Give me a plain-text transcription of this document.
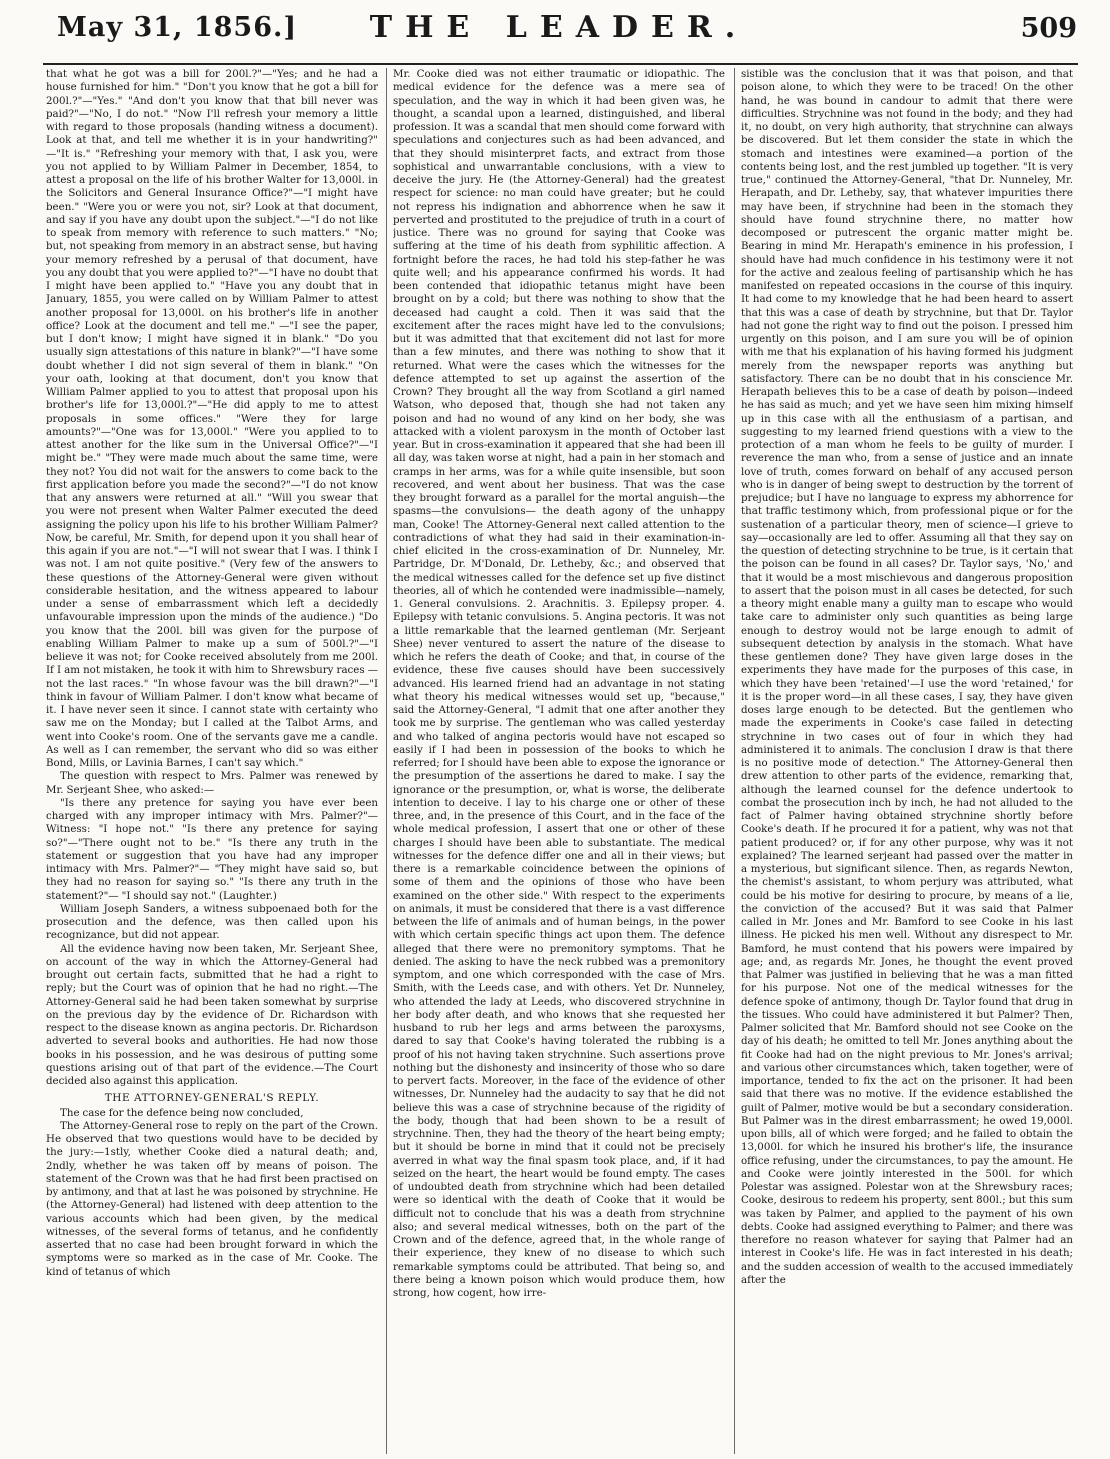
May 31, 1856.]	THE LEADER.	509

that what he got was a bill for 200l.?"—"Yes; and he had a house furnished for him." "Don't you know that he got a bill for 200l.?"—"Yes." "And don't you know that that bill never was paid?"—"No, I do not." "Now I'll refresh your memory a little with regard to those proposals (handing witness a document). Look at that, and tell me whether it is in your handwriting?" —"It is." "Refreshing your memory with that, I ask you, were you not applied to by William Palmer in December, 1854, to attest a proposal on the life of his brother Walter for 13,000l. in the Solicitors and General Insurance Office?"—"I might have been." "Were you or were you not, sir? Look at that document, and say if you have any doubt upon the subject."—"I do not like to speak from memory with reference to such matters." "No; but, not speaking from memory in an abstract sense, but having your memory refreshed by a perusal of that document, have you any doubt that you were applied to?"—"I have no doubt that I might have been applied to." "Have you any doubt that in January, 1855, you were called on by William Palmer to attest another proposal for 13,000l. on his brother's life in another office? Look at the document and tell me." —"I see the paper, but I don't know; I might have signed it in blank." "Do you usually sign attestations of this nature in blank?"—"I have some doubt whether I did not sign several of them in blank." "On your oath, looking at that document, don't you know that William Palmer applied to you to attest that proposal upon his brother's life for 13,000l.?"—"He did apply to me to attest proposals in some offices." "Were they for large amounts?"—"One was for 13,000l." "Were you applied to to attest another for the like sum in the Universal Office?"—"I might be." "They were made much about the same time, were they not? You did not wait for the answers to come back to the first application before you made the second?"—"I do not know that any answers were returned at all." "Will you swear that you were not present when Walter Palmer executed the deed assigning the policy upon his life to his brother William Palmer? Now, be careful, Mr. Smith, for depend upon it you shall hear of this again if you are not."—"I will not swear that I was. I think I was not. I am not quite positive." (Very few of the answers to these questions of the Attorney-General were given without considerable hesitation, and the witness appeared to labour under a sense of embarrassment which left a decidedly unfavourable impression upon the minds of the audience.) "Do you know that the 200l. bill was given for the purpose of enabling William Palmer to make up a sum of 500l.?"—"I believe it was not; for Cooke received absolutely from me 200l. If I am not mistaken, he took it with him to Shrewsbury races —not the last races." "In whose favour was the bill drawn?"—"I think in favour of William Palmer. I don't know what became of it. I have never seen it since. I cannot state with certainty who saw me on the Monday; but I called at the Talbot Arms, and went into Cooke's room. One of the servants gave me a candle. As well as I can remember, the servant who did so was either Bond, Mills, or Lavinia Barnes, I can't say which."

The question with respect to Mrs. Palmer was renewed by Mr. Serjeant Shee, who asked:—

"Is there any pretence for saying you have ever been charged with any improper intimacy with Mrs. Palmer?"—Witness: "I hope not." "Is there any pretence for saying so?"—"There ought not to be." "Is there any truth in the statement or suggestion that you have had any improper intimacy with Mrs. Palmer?"— "They might have said so, but they had no reason for saying so." "Is there any truth in the statement?"— "I should say not." (Laughter.)

William Joseph Sanders, a witness subpoenaed both for the prosecution and the defence, was then called upon his recognizance, but did not appear.

All the evidence having now been taken, Mr. Serjeant Shee, on account of the way in which the Attorney-General had brought out certain facts, submitted that he had a right to reply; but the Court was of opinion that he had no right.—The Attorney-General said he had been taken somewhat by surprise on the previous day by the evidence of Dr. Richardson with respect to the disease known as angina pectoris. Dr. Richardson adverted to several books and authorities. He had now those books in his possession, and he was desirous of putting some questions arising out of that part of the evidence.—The Court decided also against this application.

THE ATTORNEY-GENERAL'S REPLY.

The case for the defence being now concluded,

The Attorney-General rose to reply on the part of the Crown. He observed that two questions would have to be decided by the jury:—1stly, whether Cooke died a natural death; and, 2ndly, whether he was taken off by means of poison. The statement of the Crown was that he had first been practised on by antimony, and that at last he was poisoned by strychnine. He (the Attorney-General) had listened with deep attention to the various accounts which had been given, by the medical witnesses, of the several forms of tetanus, and he confidently asserted that no case had been brought forward in which the symptoms were so marked as in the case of Mr. Cooke. The kind of tetanus of which

Mr. Cooke died was not either traumatic or idiopathic. The medical evidence for the defence was a mere sea of speculation, and the way in which it had been given was, he thought, a scandal upon a learned, distinguished, and liberal profession. It was a scandal that men should come forward with speculations and conjectures such as had been advanced, and that they should misinterpret facts, and extract from those sophistical and unwarrantable conclusions, with a view to deceive the jury. He (the Attorney-General) had the greatest respect for science: no man could have greater; but he could not repress his indignation and abhorrence when he saw it perverted and prostituted to the prejudice of truth in a court of justice. There was no ground for saying that Cooke was suffering at the time of his death from syphilitic affection. A fortnight before the races, he had told his step-father he was quite well; and his appearance confirmed his words. It had been contended that idiopathic tetanus might have been brought on by a cold; but there was nothing to show that the deceased had caught a cold. Then it was said that the excitement after the races might have led to the convulsions; but it was admitted that that excitement did not last for more than a few minutes, and there was nothing to show that it returned. What were the cases which the witnesses for the defence attempted to set up against the assertion of the Crown? They brought all the way from Scotland a girl named Watson, who deposed that, though she had not taken any poison and had no wound of any kind on her body, she was attacked with a violent paroxysm in the month of October last year. But in cross-examination it appeared that she had been ill all day, was taken worse at night, had a pain in her stomach and cramps in her arms, was for a while quite insensible, but soon recovered, and went about her business. That was the case they brought forward as a parallel for the mortal anguish—the spasms—the convulsions— the death agony of the unhappy man, Cooke! The Attorney-General next called attention to the contradictions of what they had said in their examination-in-chief elicited in the cross-examination of Dr. Nunneley, Mr. Partridge, Dr. M'Donald, Dr. Letheby, &c.; and observed that the medical witnesses called for the defence set up five distinct theories, all of which he contended were inadmissible—namely, 1. General convulsions. 2. Arachnitis. 3. Epilepsy proper. 4. Epilepsy with tetanic convulsions. 5. Angina pectoris. It was not a little remarkable that the learned gentleman (Mr. Serjeant Shee) never ventured to assert the nature of the disease to which he refers the death of Cooke; and that, in course of the evidence, these five causes should have been successively advanced. His learned friend had an advantage in not stating what theory his medical witnesses would set up, "because," said the Attorney-General, "I admit that one after another they took me by surprise. The gentleman who was called yesterday and who talked of angina pectoris would have not escaped so easily if I had been in possession of the books to which he referred; for I should have been able to expose the ignorance or the presumption of the assertions he dared to make. I say the ignorance or the presumption, or, what is worse, the deliberate intention to deceive. I lay to his charge one or other of these three, and, in the presence of this Court, and in the face of the whole medical profession, I assert that one or other of these charges I should have been able to substantiate. The medical witnesses for the defence differ one and all in their views; but there is a remarkable coincidence between the opinions of some of them and the opinions of those who have been examined on the other side." With respect to the experiments on animals, it must be considered that there is a vast difference between the life of animals and of human beings, in the power with which certain specific things act upon them. The defence alleged that there were no premonitory symptoms. That he denied. The asking to have the neck rubbed was a premonitory symptom, and one which corresponded with the case of Mrs. Smith, with the Leeds case, and with others. Yet Dr. Nunneley, who attended the lady at Leeds, who discovered strychnine in her body after death, and who knows that she requested her husband to rub her legs and arms between the paroxysms, dared to say that Cooke's having tolerated the rubbing is a proof of his not having taken strychnine. Such assertions prove nothing but the dishonesty and insincerity of those who so dare to pervert facts. Moreover, in the face of the evidence of other witnesses, Dr. Nunneley had the audacity to say that he did not believe this was a case of strychnine because of the rigidity of the body, though that had been shown to be a result of strychnine. Then, they had the theory of the heart being empty; but it should be borne in mind that it could not be precisely averred in what way the final spasm took place, and, if it had seized on the heart, the heart would be found empty. The cases of undoubted death from strychnine which had been detailed were so identical with the death of Cooke that it would be difficult not to conclude that his was a death from strychnine also; and several medical witnesses, both on the part of the Crown and of the defence, agreed that, in the whole range of their experience, they knew of no disease to which such remarkable symptoms could be attributed. That being so, and there being a known poison which would produce them, how strong, how cogent, how irre-

sistible was the conclusion that it was that poison, and that poison alone, to which they were to be traced! On the other hand, he was bound in candour to admit that there were difficulties. Strychnine was not found in the body; and they had it, no doubt, on very high authority, that strychnine can always be discovered. But let them consider the state in which the stomach and intestines were examined—a portion of the contents being lost, and the rest jumbled up together. "It is very true," continued the Attorney-General, "that Dr. Nunneley, Mr. Herapath, and Dr. Letheby, say, that whatever impurities there may have been, if strychnine had been in the stomach they should have found strychnine there, no matter how decomposed or putrescent the organic matter might be. Bearing in mind Mr. Herapath's eminence in his profession, I should have had much confidence in his testimony were it not for the active and zealous feeling of partisanship which he has manifested on repeated occasions in the course of this inquiry. It had come to my knowledge that he had been heard to assert that this was a case of death by strychnine, but that Dr. Taylor had not gone the right way to find out the poison. I pressed him urgently on this poison, and I am sure you will be of opinion with me that his explanation of his having formed his judgment merely from the newspaper reports was anything but satisfactory. There can be no doubt that in his conscience Mr. Herapath believes this to be a case of death by poison—indeed he has said as much; and yet we have seen him mixing himself up in this case with all the enthusiasm of a partisan, and suggesting to my learned friend questions with a view to the protection of a man whom he feels to be guilty of murder. I reverence the man who, from a sense of justice and an innate love of truth, comes forward on behalf of any accused person who is in danger of being swept to destruction by the torrent of prejudice; but I have no language to express my abhorrence for that traffic testimony which, from professional pique or for the sustenation of a particular theory, men of science—I grieve to say—occasionally are led to offer. Assuming all that they say on the question of detecting strychnine to be true, is it certain that the poison can be found in all cases? Dr. Taylor says, 'No,' and that it would be a most mischievous and dangerous proposition to assert that the poison must in all cases be detected, for such a theory might enable many a guilty man to escape who would take care to administer only such quantities as being large enough to destroy would not be large enough to admit of subsequent detection by analysis in the stomach. What have these gentlemen done? They have given large doses in the experiments they have made for the purposes of this case, in which they have been 'retained'—I use the word 'retained,' for it is the proper word—in all these cases, I say, they have given doses large enough to be detected. But the gentlemen who made the experiments in Cooke's case failed in detecting strychnine in two cases out of four in which they had administered it to animals. The conclusion I draw is that there is no positive mode of detection." The Attorney-General then drew attention to other parts of the evidence, remarking that, although the learned counsel for the defence undertook to combat the prosecution inch by inch, he had not alluded to the fact of Palmer having obtained strychnine shortly before Cooke's death. If he procured it for a patient, why was not that patient produced? or, if for any other purpose, why was it not explained? The learned serjeant had passed over the matter in a mysterious, but significant silence. Then, as regards Newton, the chemist's assistant, to whom perjury was attributed, what could be his motive for desiring to procure, by means of a lie, the conviction of the accused? But it was said that Palmer called in Mr. Jones and Mr. Bamford to see Cooke in his last illness. He picked his men well. Without any disrespect to Mr. Bamford, he must contend that his powers were impaired by age; and, as regards Mr. Jones, he thought the event proved that Palmer was justified in believing that he was a man fitted for his purpose. Not one of the medical witnesses for the defence spoke of antimony, though Dr. Taylor found that drug in the tissues. Who could have administered it but Palmer? Then, Palmer solicited that Mr. Bamford should not see Cooke on the day of his death; he omitted to tell Mr. Jones anything about the fit Cooke had had on the night previous to Mr. Jones's arrival; and various other circumstances which, taken together, were of importance, tended to fix the act on the prisoner. It had been said that there was no motive. If the evidence established the guilt of Palmer, motive would be but a secondary consideration. But Palmer was in the direst embarrassment; he owed 19,000l. upon bills, all of which were forged; and he failed to obtain the 13,000l. for which he insured his brother's life, the insurance office refusing, under the circumstances, to pay the amount. He and Cooke were jointly interested in the 500l. for which Polestar was assigned. Polestar won at the Shrewsbury races; Cooke, desirous to redeem his property, sent 800l.; but this sum was taken by Palmer, and applied to the payment of his own debts. Cooke had assigned everything to Palmer; and there was therefore no reason whatever for saying that Palmer had an interest in Cooke's life. He was in fact interested in his death; and the sudden accession of wealth to the accused immediately after the
